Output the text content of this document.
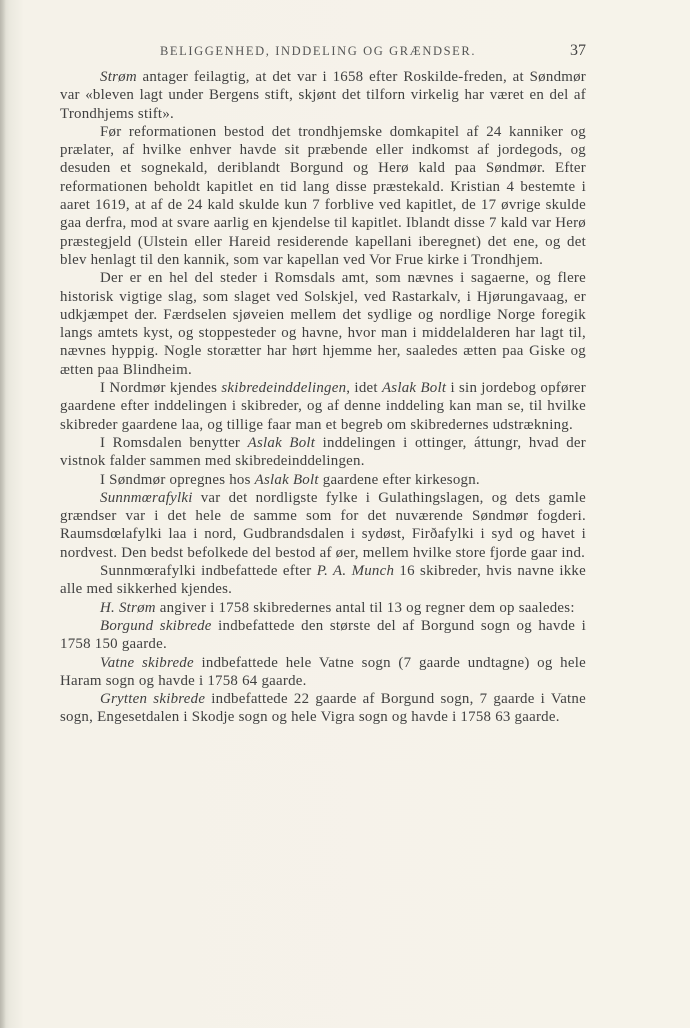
BELIGGENHED, INDDELING OG GRÆNDSER.	37

Strøm antager feilagtig, at det var i 1658 efter Roskilde-freden, at Søndmør var «bleven lagt under Bergens stift, skjønt det tilforn virkelig har været en del af Trondhjems stift».

Før reformationen bestod det trondhjemske domkapitel af 24 kanniker og prælater, af hvilke enhver havde sit præbende eller indkomst af jordegods, og desuden et sognekald, deriblandt Borgund og Herø kald paa Søndmør. Efter reformationen beholdt kapitlet en tid lang disse præstekald. Kristian 4 bestemte i aaret 1619, at af de 24 kald skulde kun 7 forblive ved kapitlet, de 17 øvrige skulde gaa derfra, mod at svare aarlig en kjendelse til kapitlet. Iblandt disse 7 kald var Herø præstegjeld (Ulstein eller Hareid residerende kapellani iberegnet) det ene, og det blev henlagt til den kannik, som var kapellan ved Vor Frue kirke i Trondhjem.

Der er en hel del steder i Romsdals amt, som nævnes i sagaerne, og flere historisk vigtige slag, som slaget ved Solskjel, ved Rastarkalv, i Hjørungavaag, er udkjæmpet der. Færdselen sjøveien mellem det sydlige og nordlige Norge foregik langs amtets kyst, og stoppesteder og havne, hvor man i middelalderen har lagt til, nævnes hyppig. Nogle storætter har hørt hjemme her, saaledes ætten paa Giske og ætten paa Blindheim.

I Nordmør kjendes skibredeinddelingen, idet Aslak Bolt i sin jordebog opfører gaardene efter inddelingen i skibreder, og af denne inddeling kan man se, til hvilke skibreder gaardene laa, og tillige faar man et begreb om skibredernes udstrækning.

I Romsdalen benytter Aslak Bolt inddelingen i ottinger, áttungr, hvad der vistnok falder sammen med skibredeinddelingen.

I Søndmør opregnes hos Aslak Bolt gaardene efter kirkesogn.

Sunnmœrafylki var det nordligste fylke i Gulathingslagen, og dets gamle grændser var i det hele de samme som for det nuværende Søndmør fogderi. Raumsdœlafylki laa i nord, Gudbrandsdalen i sydøst, Firðafylki i syd og havet i nordvest. Den bedst befolkede del bestod af øer, mellem hvilke store fjorde gaar ind.

Sunnmœrafylki indbefattede efter P. A. Munch 16 skibreder, hvis navne ikke alle med sikkerhed kjendes.

H. Strøm angiver i 1758 skibredernes antal til 13 og regner dem op saaledes:

Borgund skibrede indbefattede den største del af Borgund sogn og havde i 1758 150 gaarde.

Vatne skibrede indbefattede hele Vatne sogn (7 gaarde undtagne) og hele Haram sogn og havde i 1758 64 gaarde.

Grytten skibrede indbefattede 22 gaarde af Borgund sogn, 7 gaarde i Vatne sogn, Engesetdalen i Skodje sogn og hele Vigra sogn og havde i 1758 63 gaarde.
